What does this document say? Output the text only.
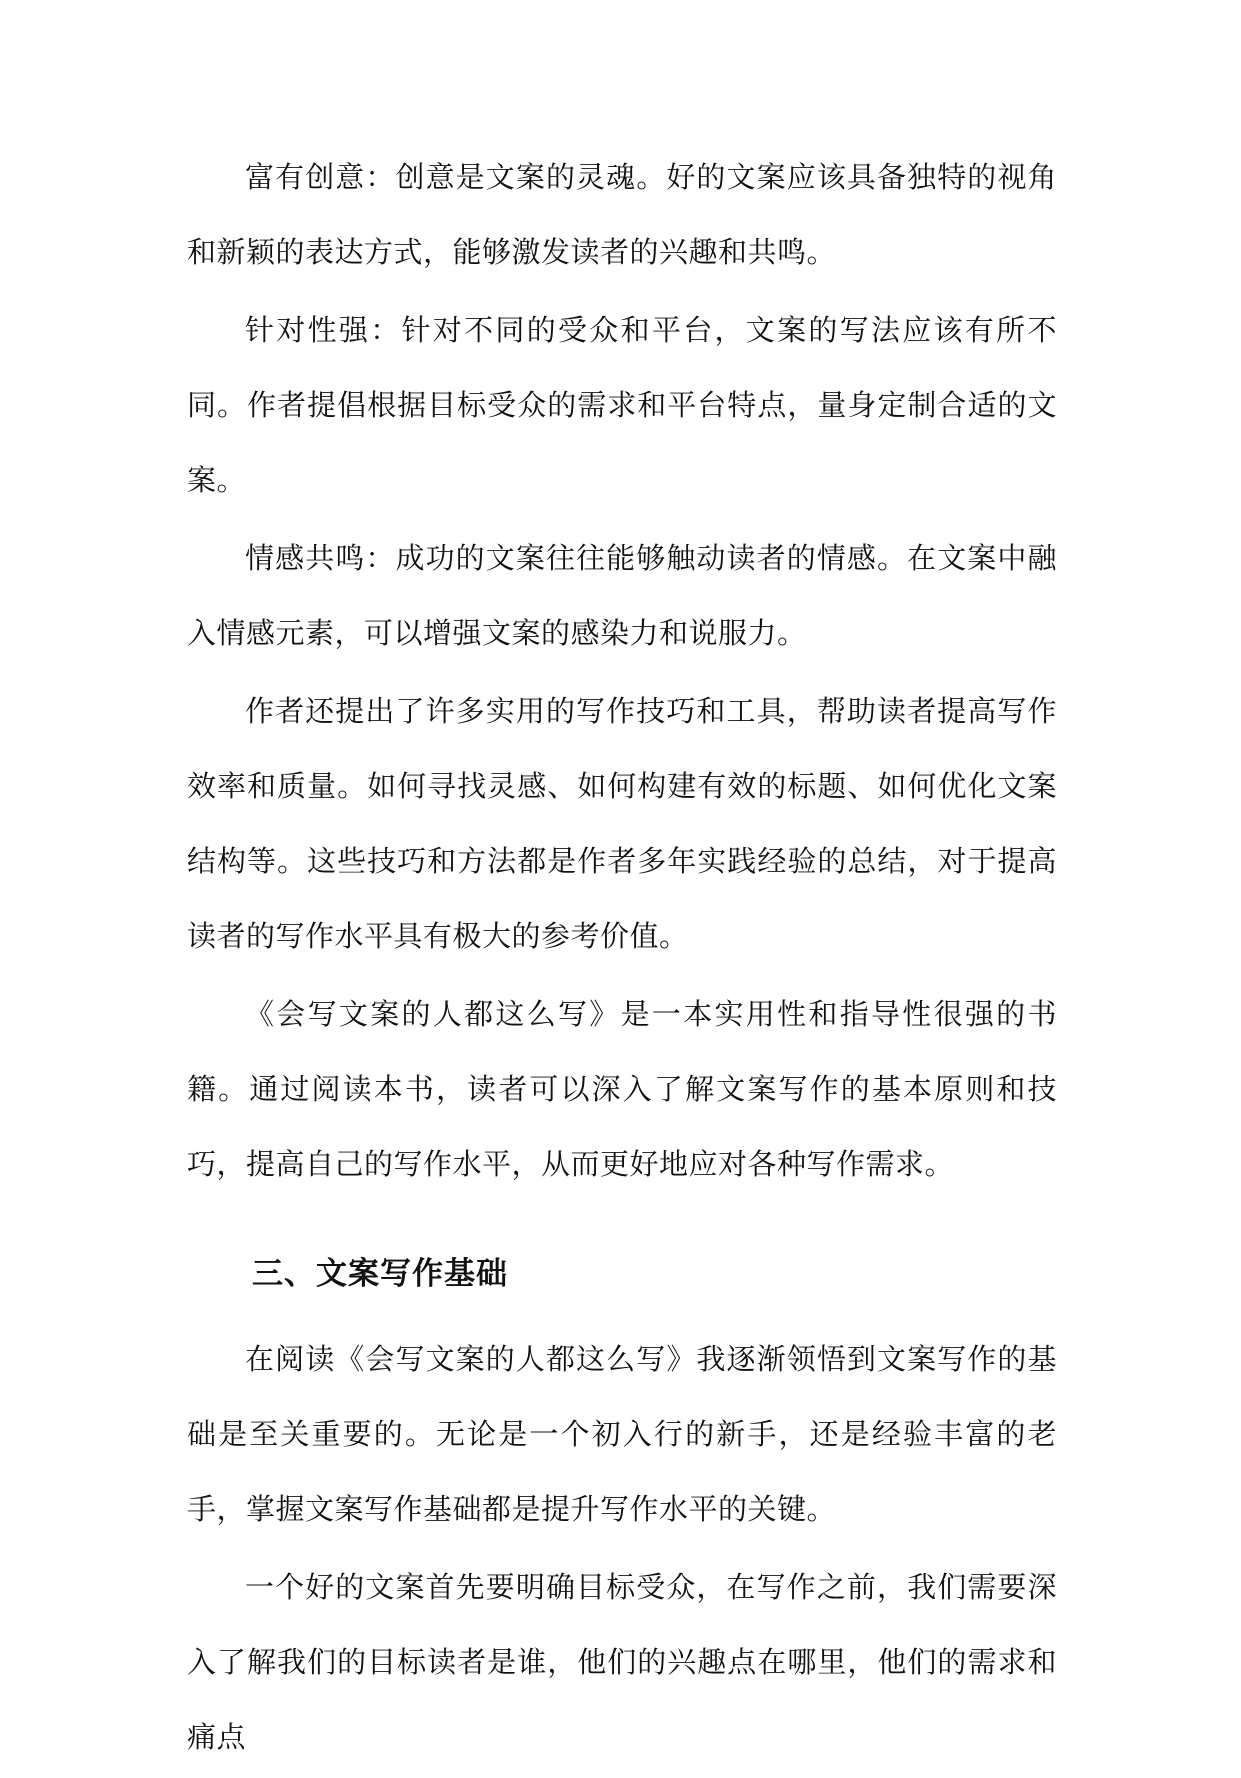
富有创意：创意是文案的灵魂。好的文案应该具备独特的视角和新颖的表达方式，能够激发读者的兴趣和共鸣。

针对性强：针对不同的受众和平台，文案的写法应该有所不同。作者提倡根据目标受众的需求和平台特点，量身定制合适的文案。

情感共鸣：成功的文案往往能够触动读者的情感。在文案中融入情感元素，可以增强文案的感染力和说服力。

作者还提出了许多实用的写作技巧和工具，帮助读者提高写作效率和质量。如何寻找灵感、如何构建有效的标题、如何优化文案结构等。这些技巧和方法都是作者多年实践经验的总结，对于提高读者的写作水平具有极大的参考价值。

《会写文案的人都这么写》是一本实用性和指导性很强的书籍。通过阅读本书，读者可以深入了解文案写作的基本原则和技巧，提高自己的写作水平，从而更好地应对各种写作需求。

三、文案写作基础

在阅读《会写文案的人都这么写》我逐渐领悟到文案写作的基础是至关重要的。无论是一个初入行的新手，还是经验丰富的老手，掌握文案写作基础都是提升写作水平的关键。

一个好的文案首先要明确目标受众，在写作之前，我们需要深入了解我们的目标读者是谁，他们的兴趣点在哪里，他们的需求和痛点
